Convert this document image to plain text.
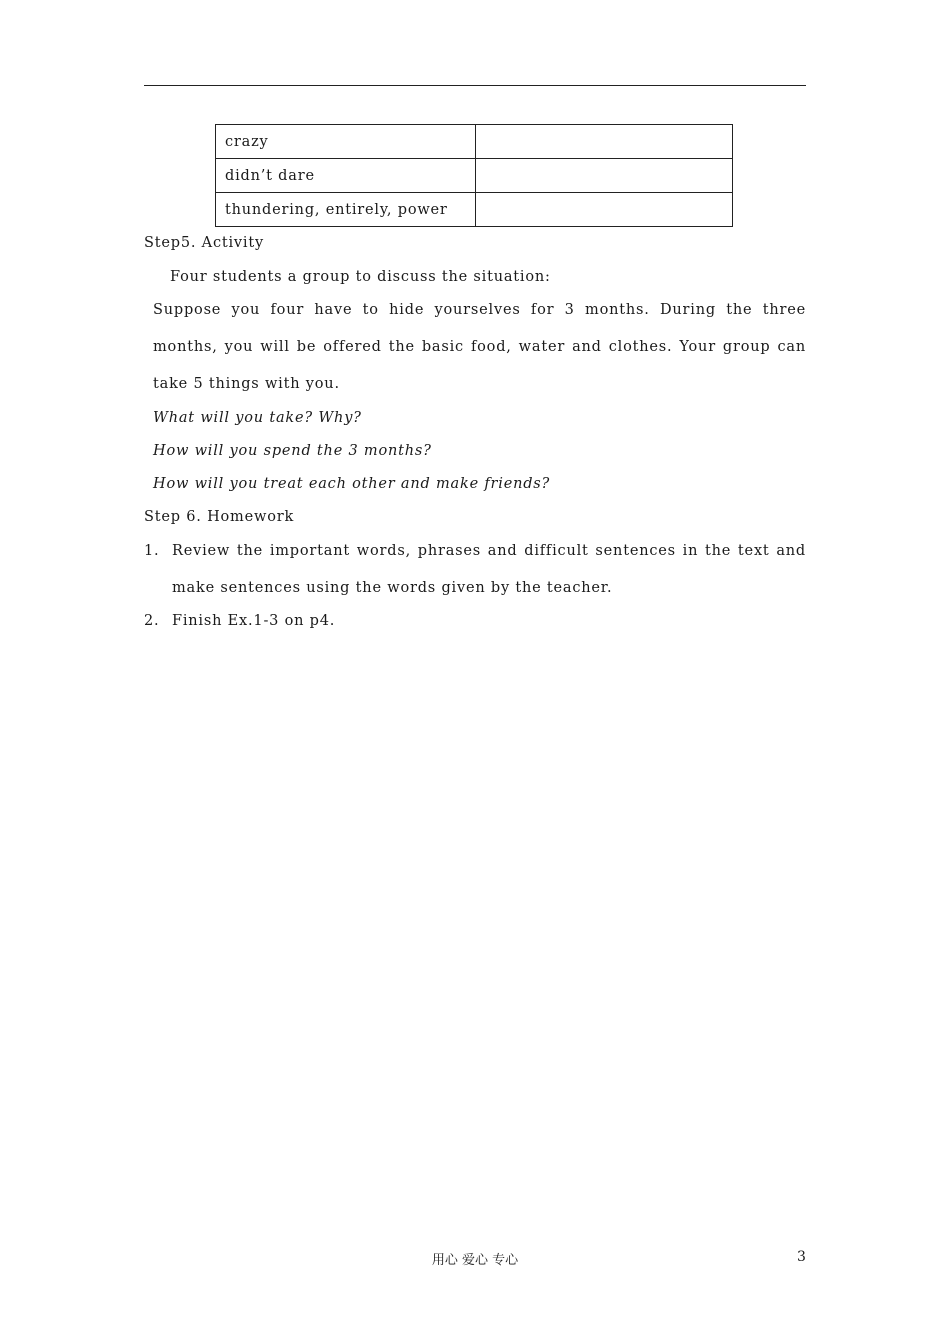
crazy	
didn’t dare	
thundering, entirely, power	
Step5. Activity
Four students a group to discuss the situation:
Suppose you four have to hide yourselves for 3 months. During the three
months, you will be offered the basic food, water and clothes. Your group can
take 5 things with you.
What will you take? Why?
How will you spend the 3 months?
How will you treat each other and make friends?
Step 6. Homework
1. Review the important words, phrases and difficult sentences in the text and
make sentences using the words given by the teacher.
2. Finish Ex.1-3 on p4.
用心 爱心 专心	3
